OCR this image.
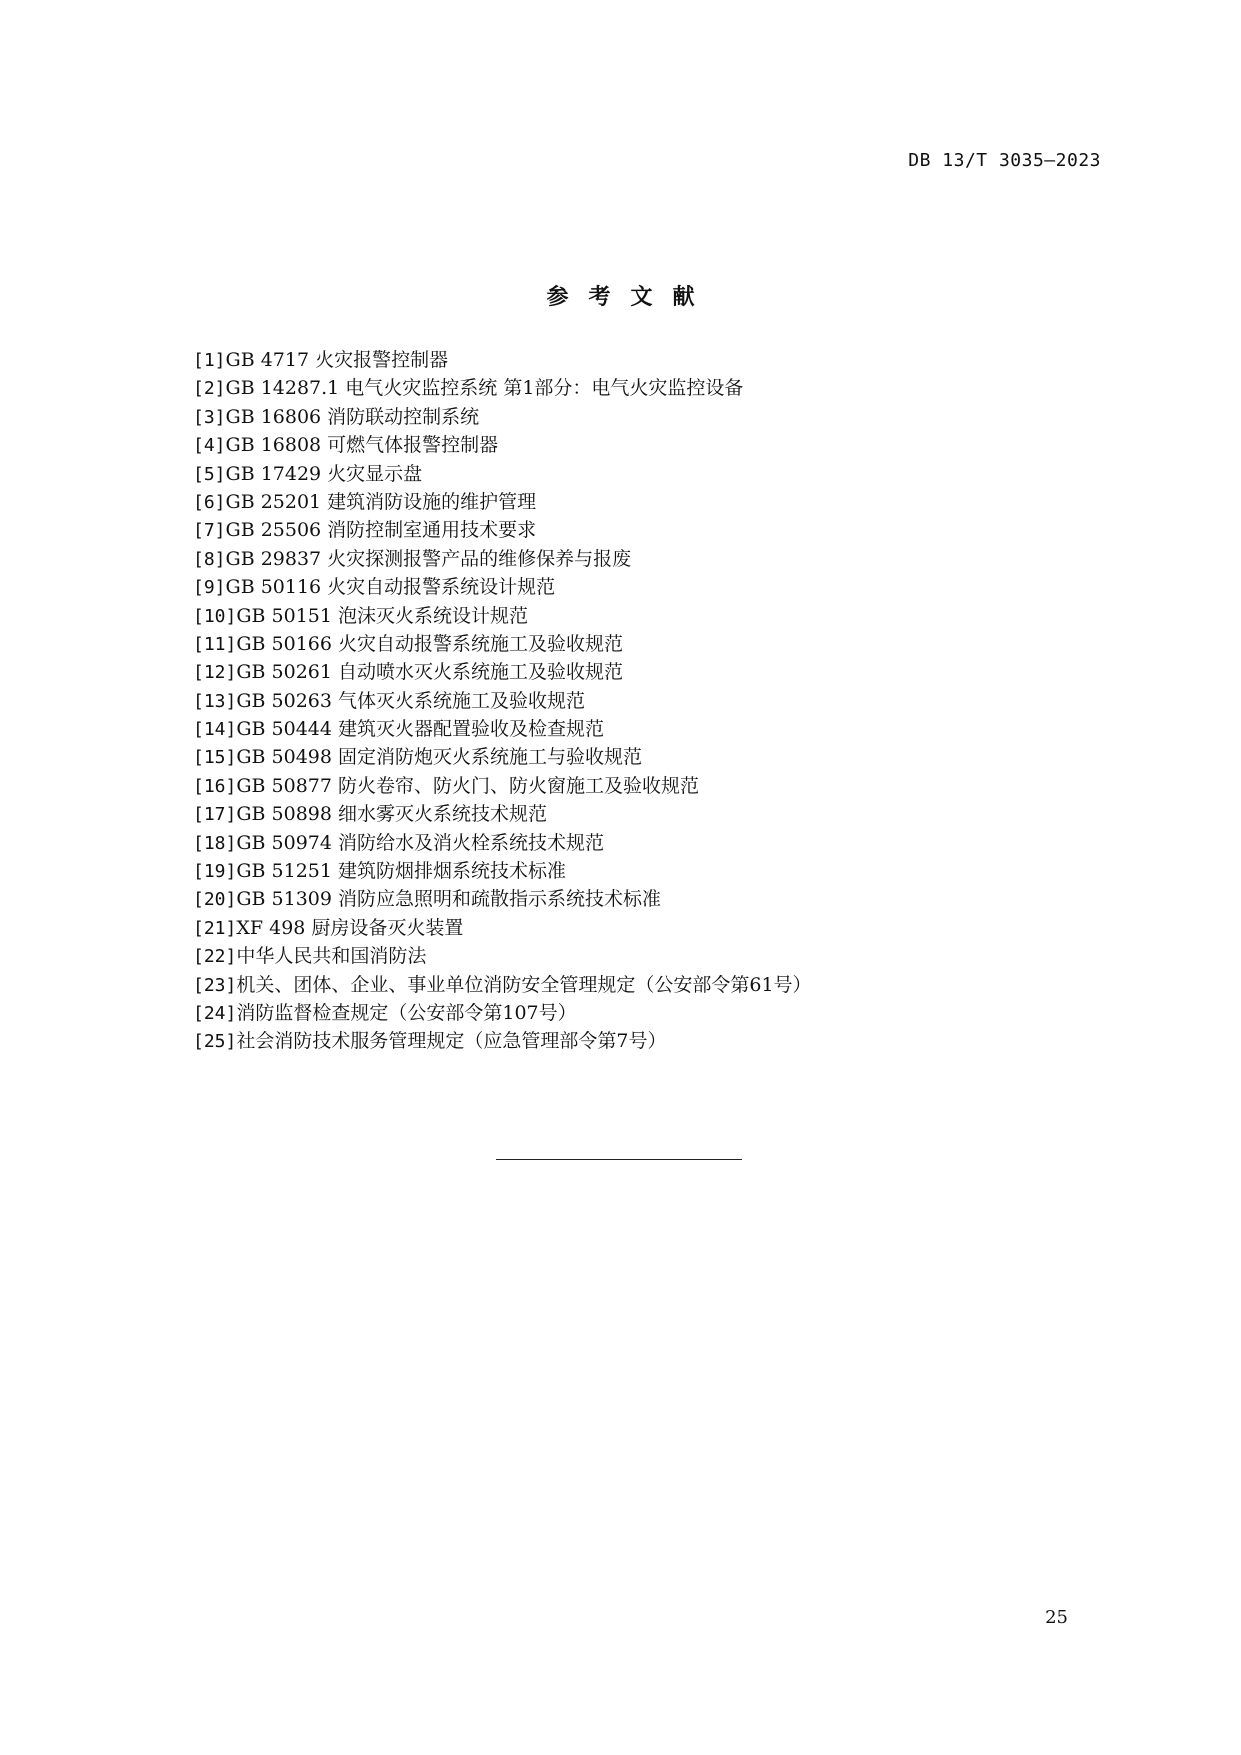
DB 13/T 3035—2023
参考文献
[1]GB 4717 火灾报警控制器
[2]GB 14287.1 电气火灾监控系统 第1部分：电气火灾监控设备
[3]GB 16806 消防联动控制系统
[4]GB 16808 可燃气体报警控制器
[5]GB 17429 火灾显示盘
[6]GB 25201 建筑消防设施的维护管理
[7]GB 25506 消防控制室通用技术要求
[8]GB 29837 火灾探测报警产品的维修保养与报废
[9]GB 50116 火灾自动报警系统设计规范
[10]GB 50151 泡沫灭火系统设计规范
[11]GB 50166 火灾自动报警系统施工及验收规范
[12]GB 50261 自动喷水灭火系统施工及验收规范
[13]GB 50263 气体灭火系统施工及验收规范
[14]GB 50444 建筑灭火器配置验收及检查规范
[15]GB 50498 固定消防炮灭火系统施工与验收规范
[16]GB 50877 防火卷帘、防火门、防火窗施工及验收规范
[17]GB 50898 细水雾灭火系统技术规范
[18]GB 50974 消防给水及消火栓系统技术规范
[19]GB 51251 建筑防烟排烟系统技术标准
[20]GB 51309 消防应急照明和疏散指示系统技术标准
[21]XF 498 厨房设备灭火装置
[22]中华人民共和国消防法
[23]机关、团体、企业、事业单位消防安全管理规定（公安部令第61号）
[24]消防监督检查规定（公安部令第107号）
[25]社会消防技术服务管理规定（应急管理部令第7号）
25
